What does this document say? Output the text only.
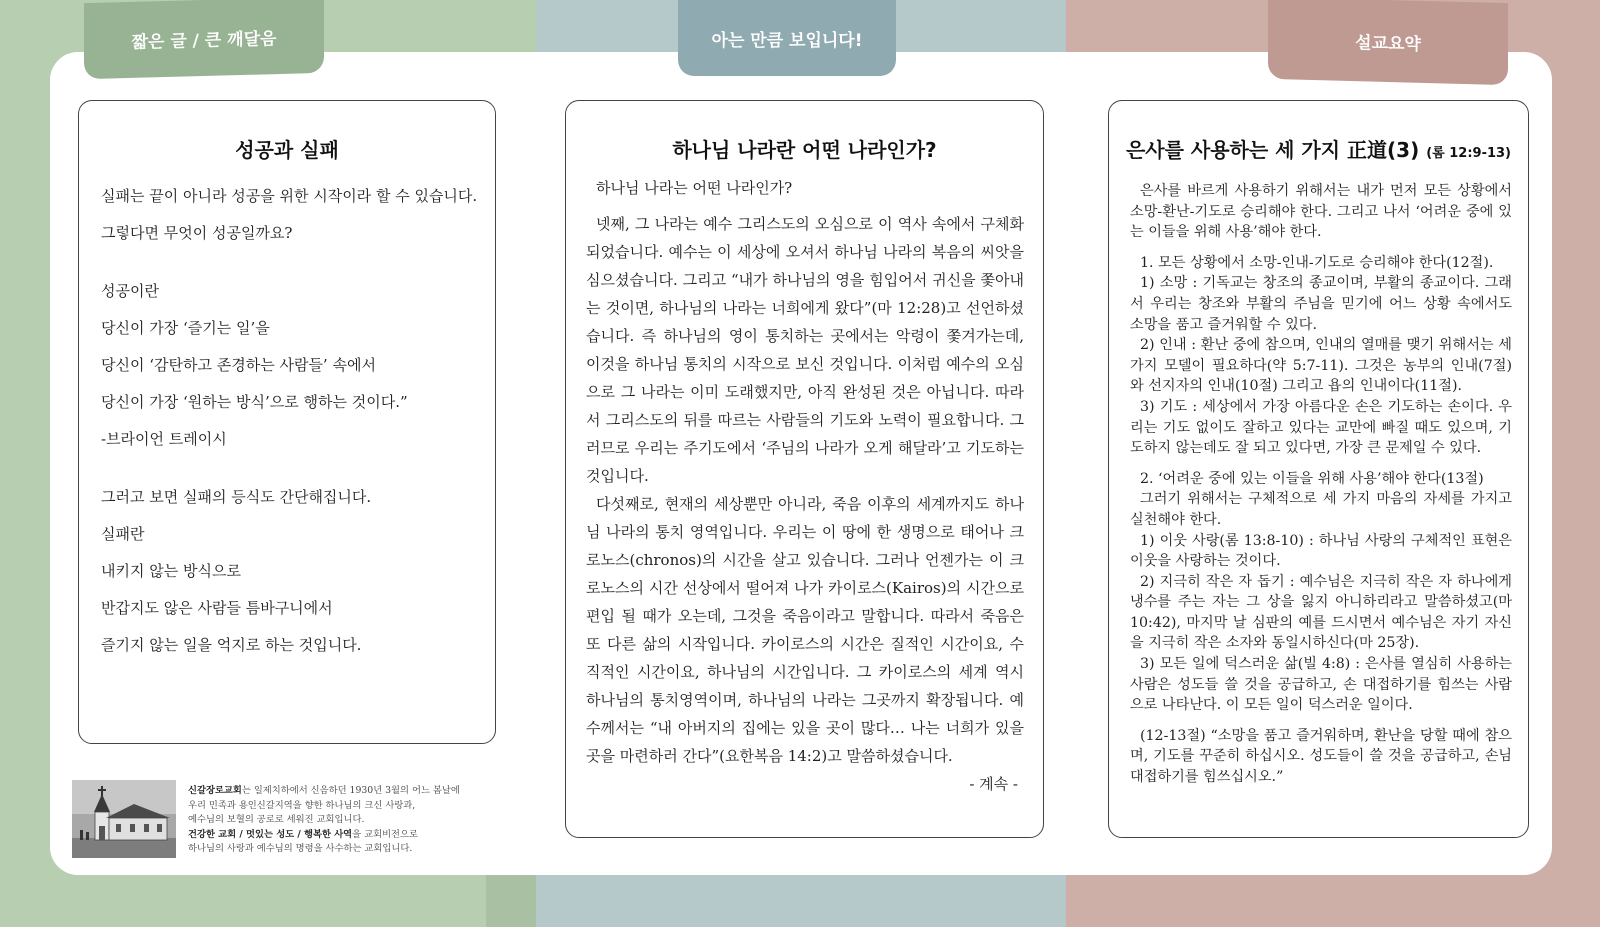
짧은 글 / 큰 깨달음	아는 만큼 보입니다!	설교요약
성공과 실패
실패는 끝이 아니라 성공을 위한 시작이라 할 수 있습니다.
그렇다면 무엇이 성공일까요?
성공이란
당신이 가장 ‘즐기는 일’을
당신이 ‘감탄하고 존경하는 사람들’ 속에서
당신이 가장 ‘원하는 방식’으로 행하는 것이다.”
-브라이언 트레이시
그러고 보면 실패의 등식도 간단해집니다.
실패란
내키지 않는 방식으로
반갑지도 않은 사람들 틈바구니에서
즐기지 않는 일을 억지로 하는 것입니다.
하나님 나라란 어떤 나라인가?
하나님 나라는 어떤 나라인가?

넷째, 그 나라는 예수 그리스도의 오심으로 이 역사 속에서 구체화되었습니다. 예수는 이 세상에 오셔서 하나님 나라의 복음의 씨앗을 심으셨습니다. 그리고 “내가 하나님의 영을 힘입어서 귀신을 쫓아내는 것이면, 하나님의 나라는 너희에게 왔다”(마 12:28)고 선언하셨습니다. 즉 하나님의 영이 통치하는 곳에서는 악령이 쫓겨가는데, 이것을 하나님 통치의 시작으로 보신 것입니다. 이처럼 예수의 오심으로 그 나라는 이미 도래했지만, 아직 완성된 것은 아닙니다. 따라서 그리스도의 뒤를 따르는 사람들의 기도와 노력이 필요합니다. 그러므로 우리는 주기도에서 ‘주님의 나라가 오게 해달라’고 기도하는 것입니다.

다섯째로, 현재의 세상뿐만 아니라, 죽음 이후의 세계까지도 하나님 나라의 통치 영역입니다. 우리는 이 땅에 한 생명으로 태어나 크로노스(chronos)의 시간을 살고 있습니다. 그러나 언젠가는 이 크로노스의 시간 선상에서 떨어져 나가 카이로스(Kairos)의 시간으로 편입 될 때가 오는데, 그것을 죽음이라고 말합니다. 따라서 죽음은 또 다른 삶의 시작입니다. 카이로스의 시간은 질적인 시간이요, 수직적인 시간이요, 하나님의 시간입니다. 그 카이로스의 세계 역시 하나님의 통치영역이며, 하나님의 나라는 그곳까지 확장됩니다. 예수께서는 “내 아버지의 집에는 있을 곳이 많다… 나는 너희가 있을 곳을 마련하러 간다”(요한복음 14:2)고 말씀하셨습니다.

- 계속 -
은사를 사용하는 세 가지 正道(3) (롬 12:9-13)

은사를 바르게 사용하기 위해서는 내가 먼저 모든 상황에서 소망-환난-기도로 승리해야 한다. 그리고 나서 ‘어려운 중에 있는 이들을 위해 사용’해야 한다.

1. 모든 상황에서 소망-인내-기도로 승리해야 한다(12절).

1) 소망 : 기독교는 창조의 종교이며, 부활의 종교이다. 그래서 우리는 창조와 부활의 주님을 믿기에 어느 상황 속에서도 소망을 품고 즐거워할 수 있다.

2) 인내 : 환난 중에 참으며, 인내의 열매를 맺기 위해서는 세 가지 모델이 필요하다(약 5:7-11). 그것은 농부의 인내(7절)와 선지자의 인내(10절) 그리고 욥의 인내이다(11절).

3) 기도 : 세상에서 가장 아름다운 손은 기도하는 손이다. 우리는 기도 없이도 잘하고 있다는 교만에 빠질 때도 있으며, 기도하지 않는데도 잘 되고 있다면, 가장 큰 문제일 수 있다.

2. ‘어려운 중에 있는 이들을 위해 사용’해야 한다(13절)

그러기 위해서는 구체적으로 세 가지 마음의 자세를 가지고 실천해야 한다.

1) 이웃 사랑(롬 13:8-10) : 하나님 사랑의 구체적인 표현은 이웃을 사랑하는 것이다.

2) 지극히 작은 자 돕기 : 예수님은 지극히 작은 자 하나에게 냉수를 주는 자는 그 상을 잃지 아니하리라고 말씀하셨고(마 10:42), 마지막 날 심판의 예를 드시면서 예수님은 자기 자신을 지극히 작은 소자와 동일시하신다(마 25장).

3) 모든 일에 덕스러운 삶(빌 4:8) : 은사를 열심히 사용하는 사람은 성도들 쓸 것을 공급하고, 손 대접하기를 힘쓰는 사람으로 나타난다. 이 모든 일이 덕스러운 일이다.

(12-13절) “소망을 품고 즐거워하며, 환난을 당할 때에 참으며, 기도를 꾸준히 하십시오. 성도들이 쓸 것을 공급하고, 손님 대접하기를 힘쓰십시오.”

신갈장로교회는 일제치하에서 신음하던 1930년 3월의 어느 봄날에
우리 민족과 용인신갈지역을 향한 하나님의 크신 사랑과,
예수님의 보혈의 공로로 세워진 교회입니다.
건강한 교회 / 멋있는 성도 / 행복한 사역을 교회비전으로
하나님의 사랑과 예수님의 명령을 사수하는 교회입니다.
